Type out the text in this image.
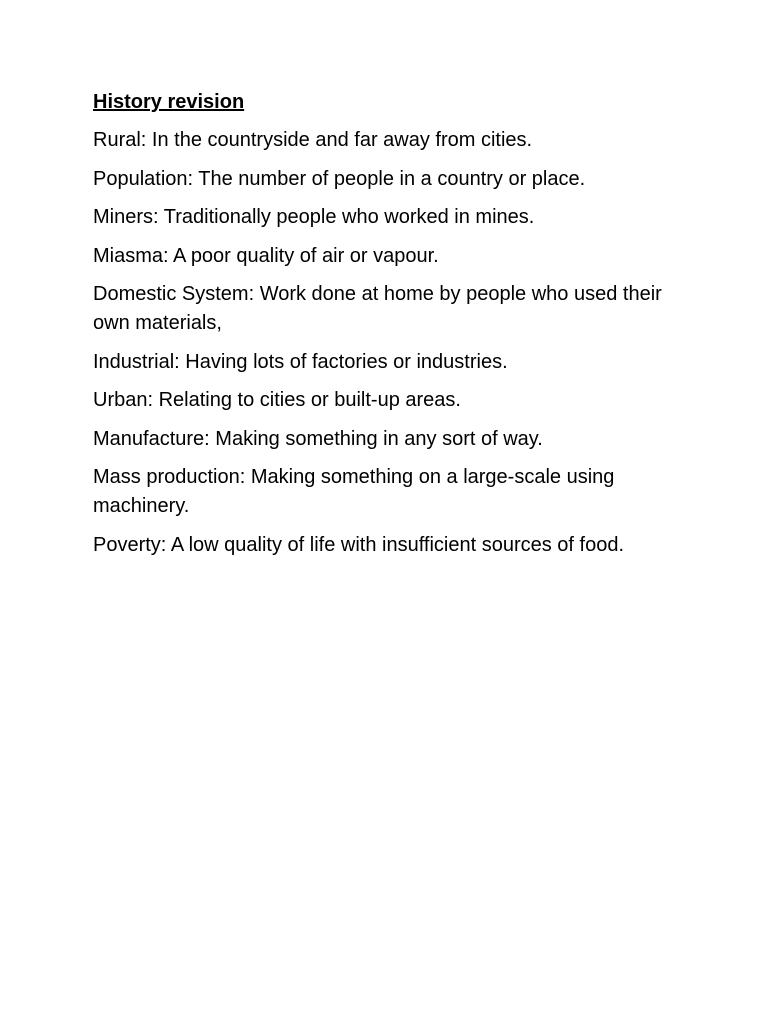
History revision

Rural: In the countryside and far away from cities.

Population: The number of people in a country or place.

Miners: Traditionally people who worked in mines.

Miasma: A poor quality of air or vapour.

Domestic System: Work done at home by people who used their own materials,

Industrial: Having lots of factories or industries.

Urban: Relating to cities or built-up areas.

Manufacture: Making something in any sort of way.

Mass production: Making something on a large-scale using machinery.

Poverty: A low quality of life with insufficient sources of food.
